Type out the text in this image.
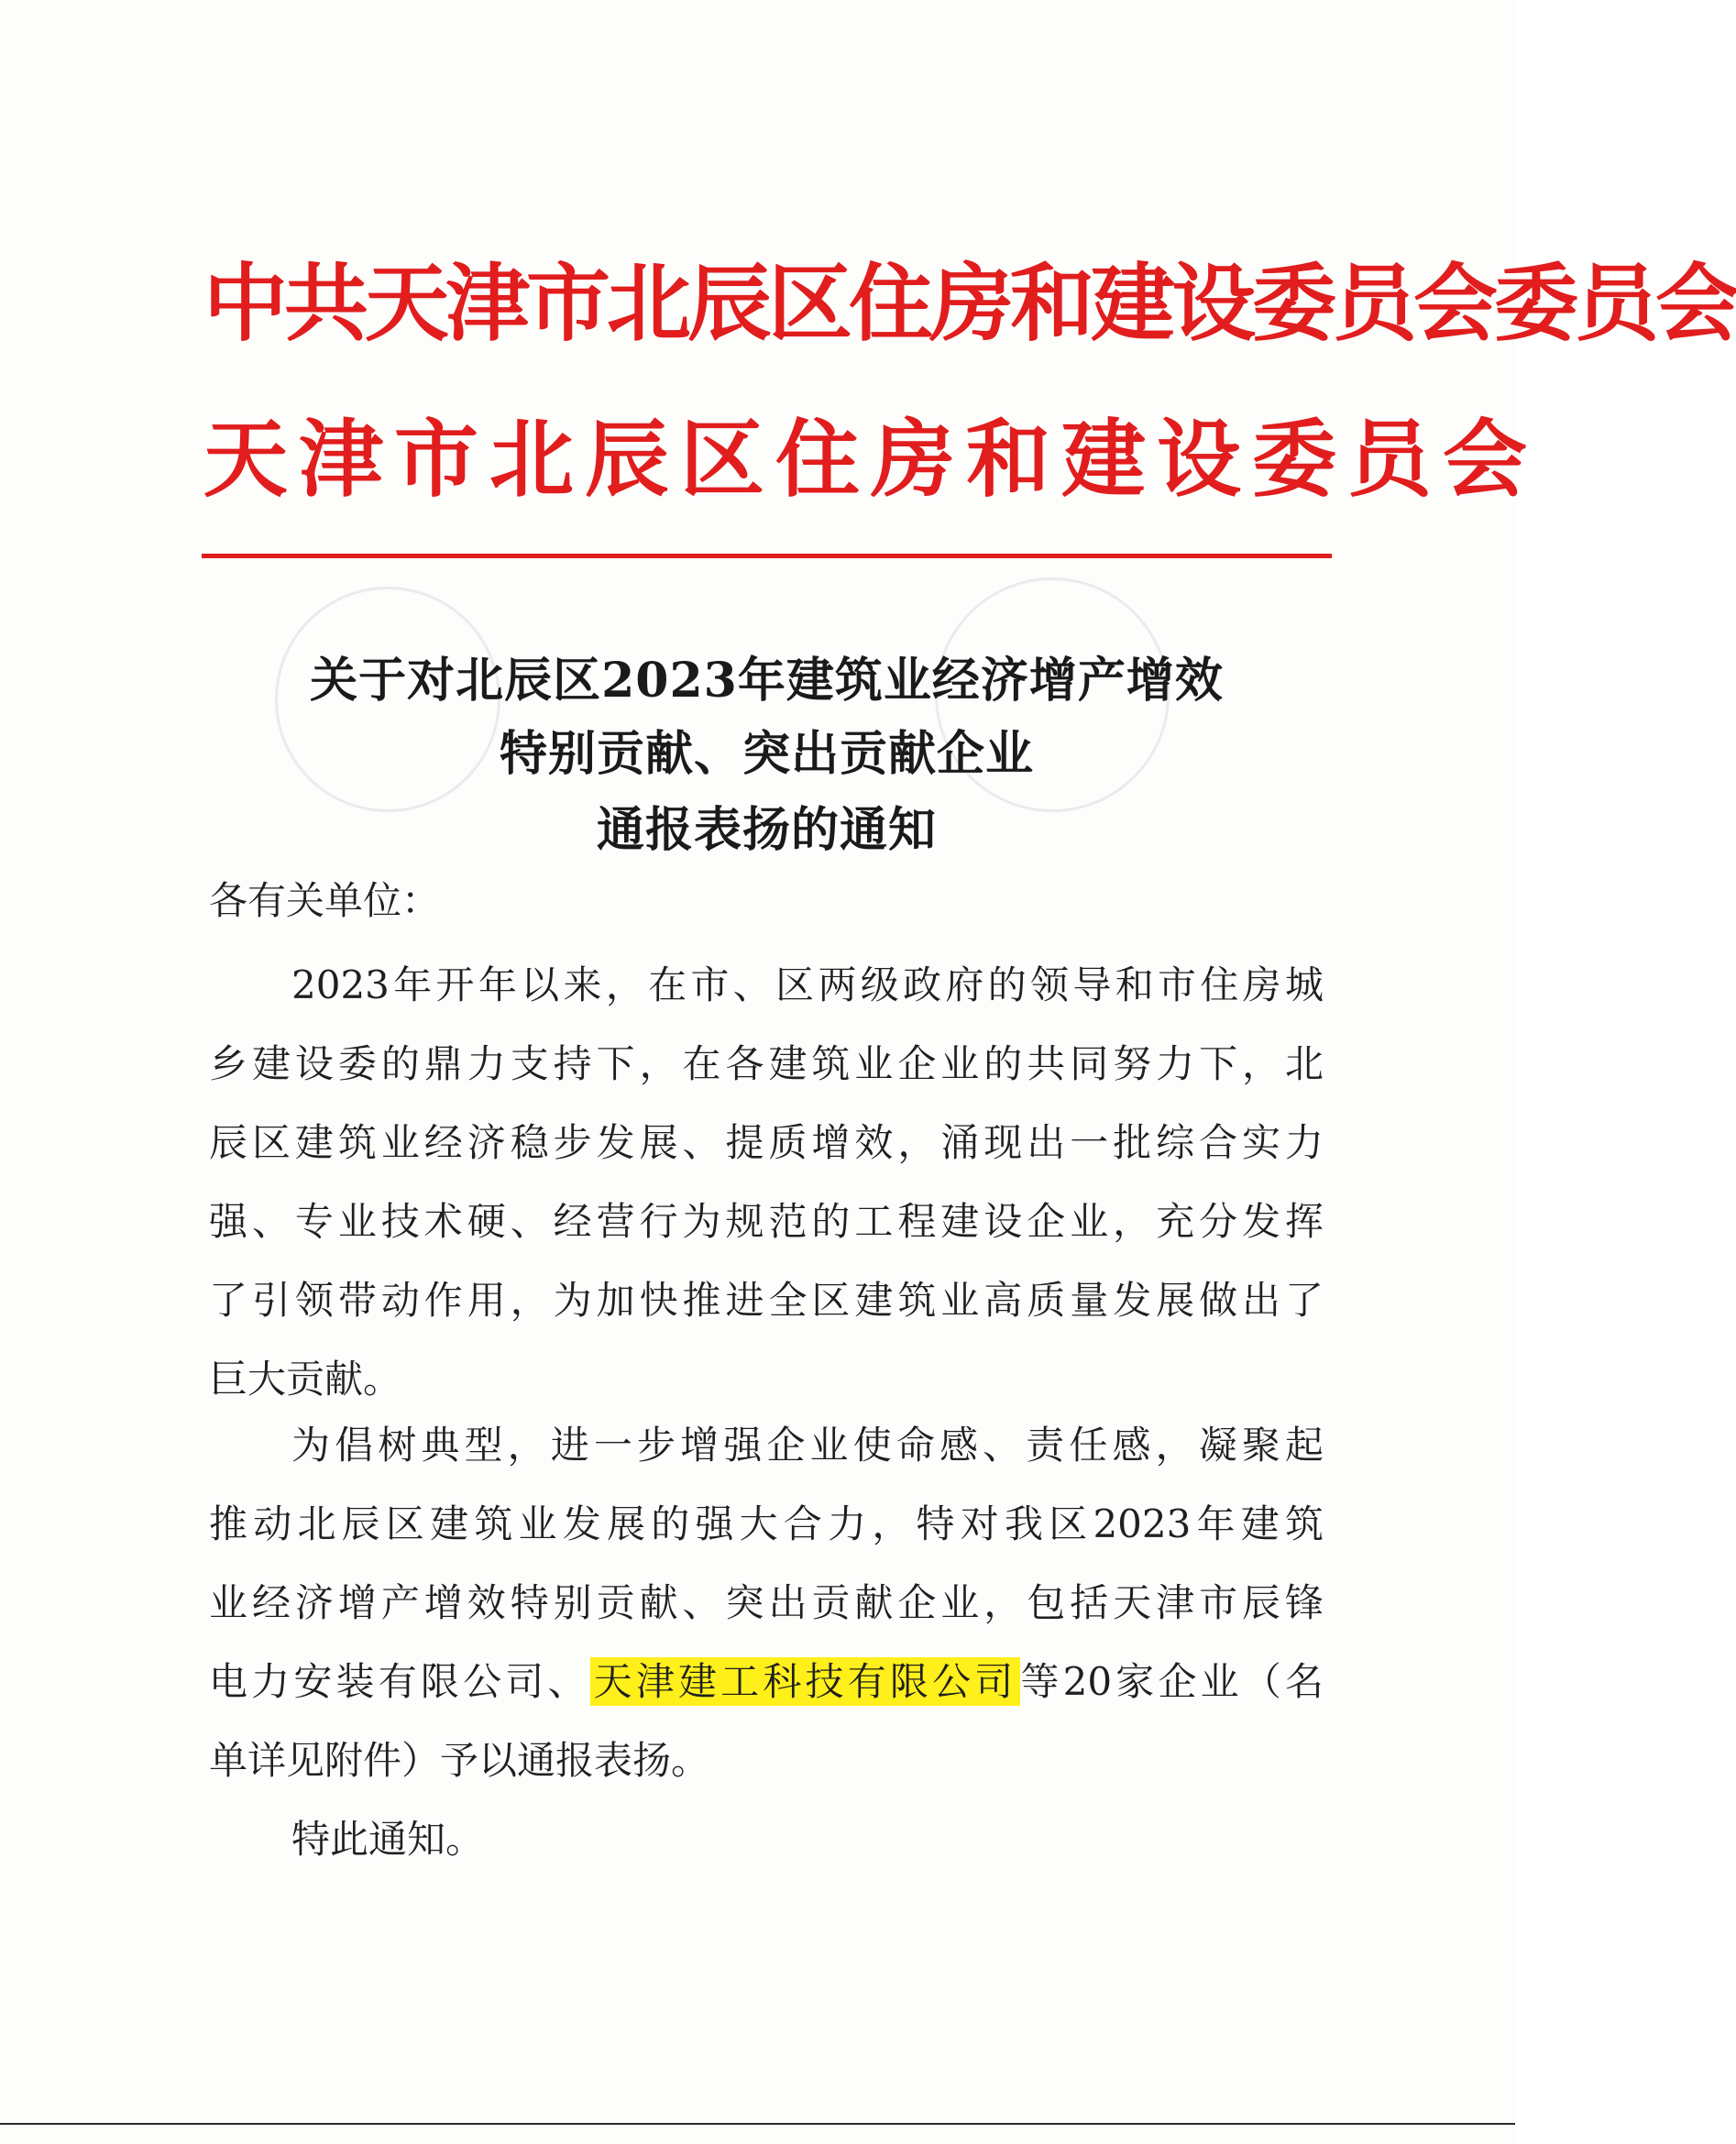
中共天津市北辰区住房和建设委员会委员会
天津市北辰区住房和建设委员会
关于对北辰区2023年建筑业经济增产增效
特别贡献、突出贡献企业
通报表扬的通知
各有关单位：
2023年开年以来，在市、区两级政府的领导和市住房城
乡建设委的鼎力支持下，在各建筑业企业的共同努力下，北
辰区建筑业经济稳步发展、提质增效，涌现出一批综合实力
强、专业技术硬、经营行为规范的工程建设企业，充分发挥
了引领带动作用，为加快推进全区建筑业高质量发展做出了
巨大贡献。
为倡树典型，进一步增强企业使命感、责任感，凝聚起
推动北辰区建筑业发展的强大合力，特对我区2023年建筑
业经济增产增效特别贡献、突出贡献企业，包括天津市辰锋
电力安装有限公司、天津建工科技有限公司等20家企业（名
单详见附件）予以通报表扬。
特此通知。
